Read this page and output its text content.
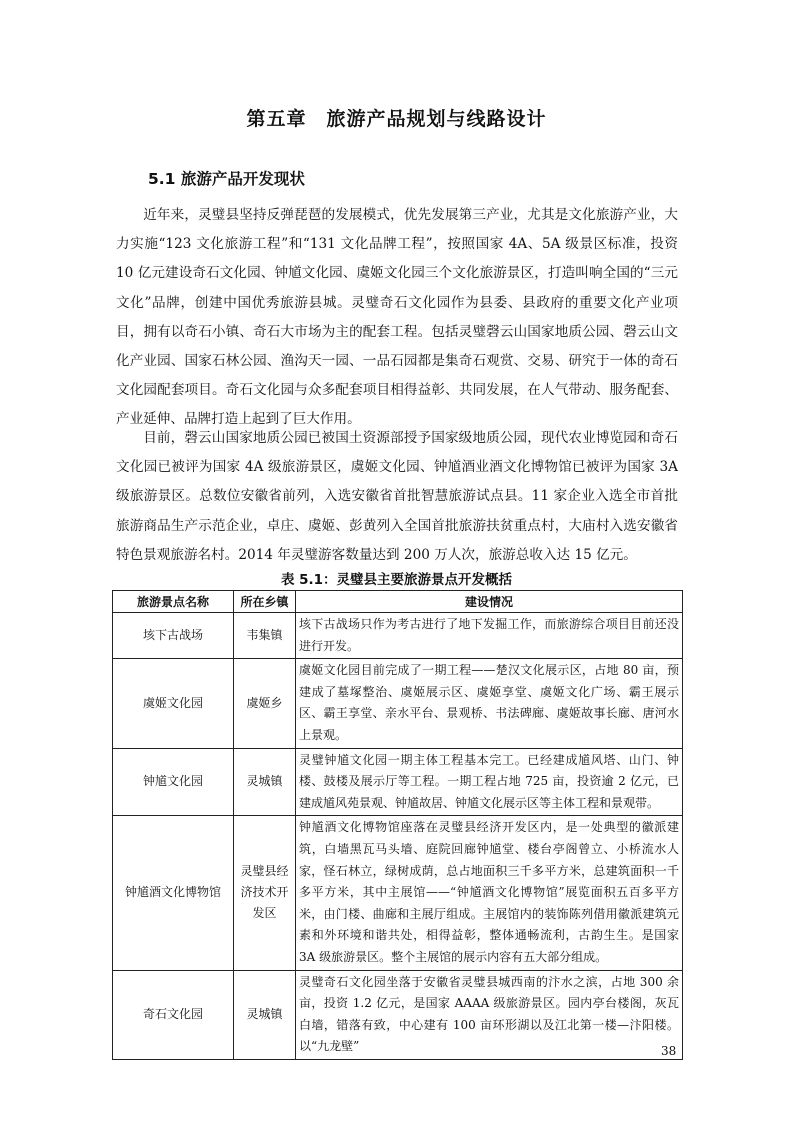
第五章　旅游产品规划与线路设计
5.1 旅游产品开发现状

近年来，灵璧县坚持反弹琵琶的发展模式，优先发展第三产业，尤其是文化旅游产业，大力实施“123 文化旅游工程”和“131 文化品牌工程”，按照国家 4A、5A 级景区标准，投资 10 亿元建设奇石文化园、钟馗文化园、虞姬文化园三个文化旅游景区，打造叫响全国的“三元文化”品牌，创建中国优秀旅游县城。灵璧奇石文化园作为县委、县政府的重要文化产业项目，拥有以奇石小镇、奇石大市场为主的配套工程。包括灵璧磬云山国家地质公园、磬云山文化产业园、国家石林公园、渔沟天一园、一品石园都是集奇石观赏、交易、研究于一体的奇石文化园配套项目。奇石文化园与众多配套项目相得益彰、共同发展，在人气带动、服务配套、产业延伸、品牌打造上起到了巨大作用。

目前，磬云山国家地质公园已被国土资源部授予国家级地质公园，现代农业博览园和奇石文化园已被评为国家 4A 级旅游景区，虞姬文化园、钟馗酒业酒文化博物馆已被评为国家 3A 级旅游景区。总数位安徽省前列，入选安徽省首批智慧旅游试点县。11 家企业入选全市首批旅游商品生产示范企业，卓庄、虞姬、彭黄列入全国首批旅游扶贫重点村，大庙村入选安徽省特色景观旅游名村。2014 年灵璧游客数量达到 200 万人次，旅游总收入达 15 亿元。

表 5.1：灵璧县主要旅游景点开发概括
旅游景点名称	所在乡镇	建设情况
垓下古战场	韦集镇	垓下古战场只作为考古进行了地下发掘工作，而旅游综合项目目前还没进行开发。
虞姬文化园	虞姬乡	虞姬文化园目前完成了一期工程——楚汉文化展示区，占地 80 亩，预建成了墓塚整治、虞姬展示区、虞姬享堂、虞姬文化广场、霸王展示区、霸王享堂、亲水平台、景观桥、书法碑廊、虞姬故事长廊、唐河水上景观。
钟馗文化园	灵城镇	灵璧钟馗文化园一期主体工程基本完工。已经建成馗风塔、山门、钟楼、鼓楼及展示厅等工程。一期工程占地 725 亩，投资逾 2 亿元，已建成馗风苑景观、钟馗故居、钟馗文化展示区等主体工程和景观带。
钟馗酒文化博物馆	灵璧县经济技术开发区	钟馗酒文化博物馆座落在灵璧县经济开发区内，是一处典型的徽派建筑，白墙黑瓦马头墙、庭院回廊钟馗堂、楼台亭阁曾立、小桥流水人家，怪石林立，绿树成荫，总占地面积三千多平方米，总建筑面积一千多平方米，其中主展馆——“钟馗酒文化博物馆”展览面积五百多平方米，由门楼、曲廊和主展厅组成。主展馆内的装饰陈列借用徽派建筑元素和外环境和谐共处，相得益彰，整体通畅流利，古韵生生。是国家 3A 级旅游景区。整个主展馆的展示内容有五大部分组成。
奇石文化园	灵城镇	灵璧奇石文化园坐落于安徽省灵璧县城西南的汴水之滨，占地 300 余亩，投资 1.2 亿元，是国家 AAAA 级旅游景区。园内亭台楼阁，灰瓦白墙，错落有致，中心建有 100 亩环形湖以及江北第一楼—汴阳楼。以“九龙壁”	38
